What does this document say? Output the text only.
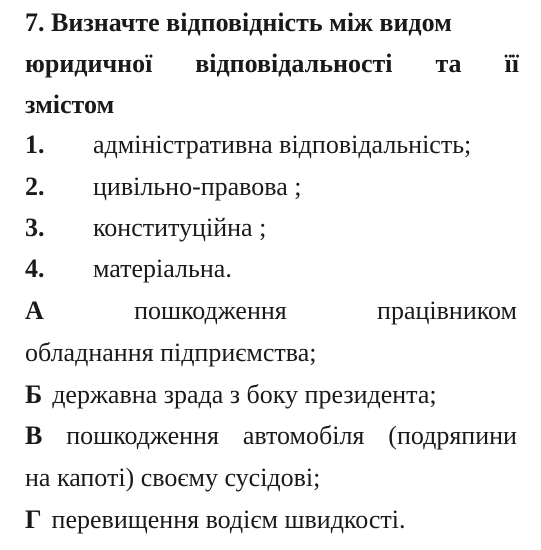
7. Визначте відповідність між видом
юридичної відповідальності та її
змістом
1. адміністративна відповідальність;
2. цивільно-правова ;
3. конституційна ;
4. матеріальна.
А	пошкодження	працівником
обладнання підприємства;
Б державна зрада з боку президента;
В пошкодження автомобіля (подряпини
на капоті) своєму сусідові;
Г перевищення водієм швидкості.
